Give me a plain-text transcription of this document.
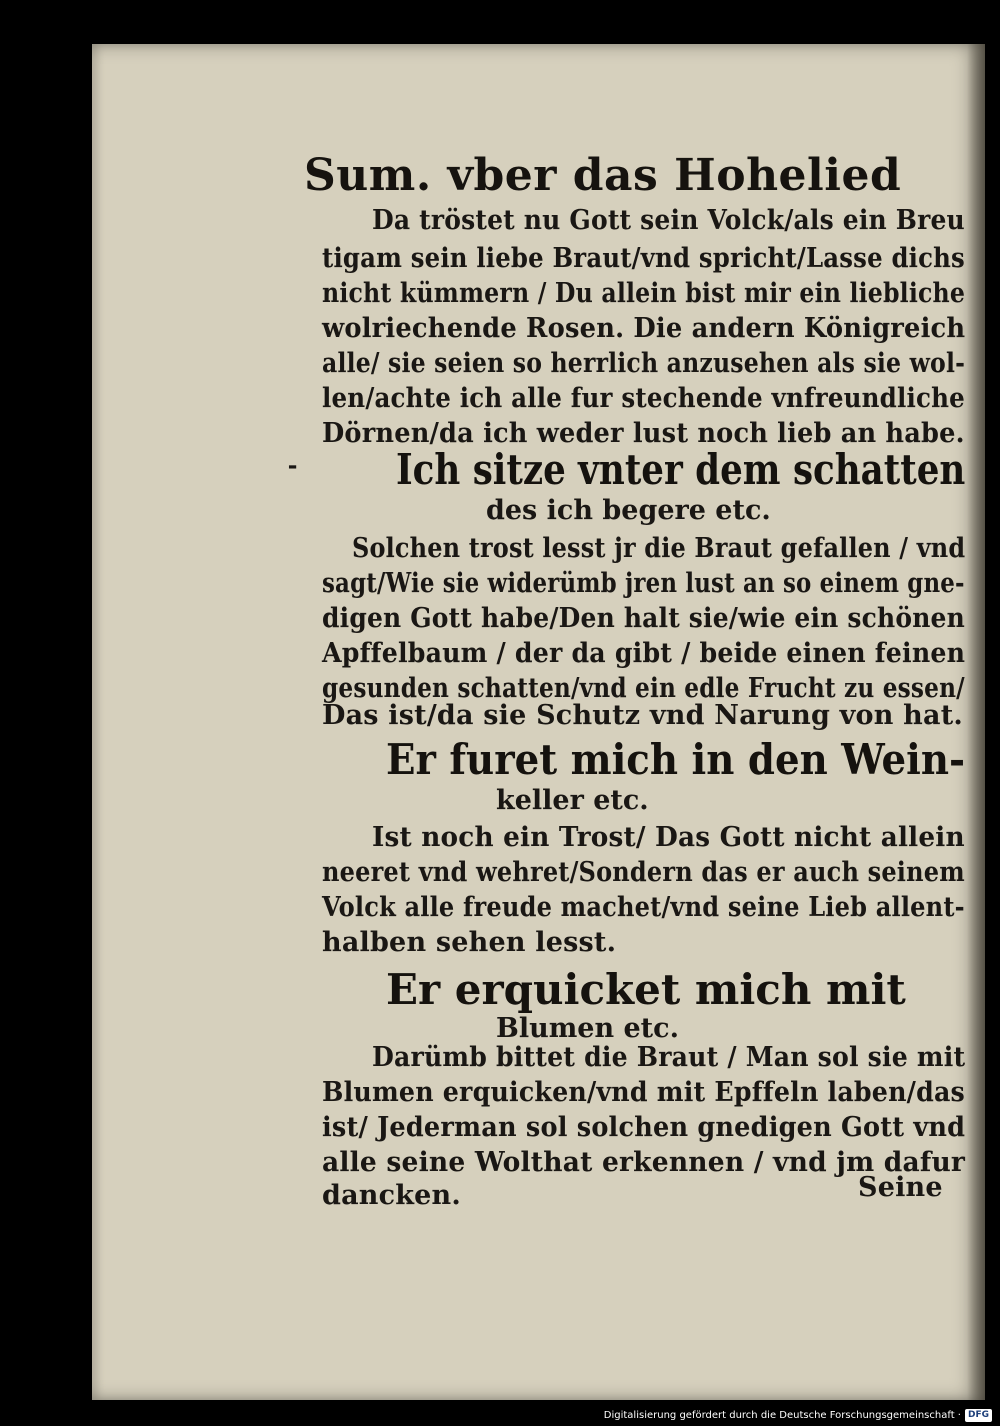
Sum. vber das Hohelied
Da tröstet nu Gott sein Volck/als ein Breu
tigam sein liebe Braut/vnd spricht/Lasse dichs
nicht kümmern / Du allein bist mir ein liebliche
wolriechende Rosen. Die andern Königreich
alle/ sie seien so herrlich anzusehen als sie wol-
len/achte ich alle fur stechende vnfreundliche
Dörnen/da ich weder lust noch lieb an habe.
⁃ Ich sitze vnter dem schatten
des ich begere etc.
Solchen trost lesst jr die Braut gefallen / vnd
sagt/Wie sie widerümb jren lust an so einem gne-
digen Gott habe/Den halt sie/wie ein schönen
Apffelbaum / der da gibt / beide einen feinen
gesunden schatten/vnd ein edle Frucht zu essen/
Das ist/da sie Schutz vnd Narung von hat.
Er furet mich in den Wein-
keller etc.
Ist noch ein Trost/ Das Gott nicht allein
neeret vnd wehret/Sondern das er auch seinem
Volck alle freude machet/vnd seine Lieb allent-
halben sehen lesst.
Er erquicket mich mit
Blumen etc.
Darümb bittet die Braut / Man sol sie mit
Blumen erquicken/vnd mit Epffeln laben/das
ist/ Jederman sol solchen gnedigen Gott vnd
alle seine Wolthat erkennen / vnd jm dafur
dancken.	Seine
Digitalisierung gefördert durch die Deutsche Forschungsgemeinschaft · DFG
